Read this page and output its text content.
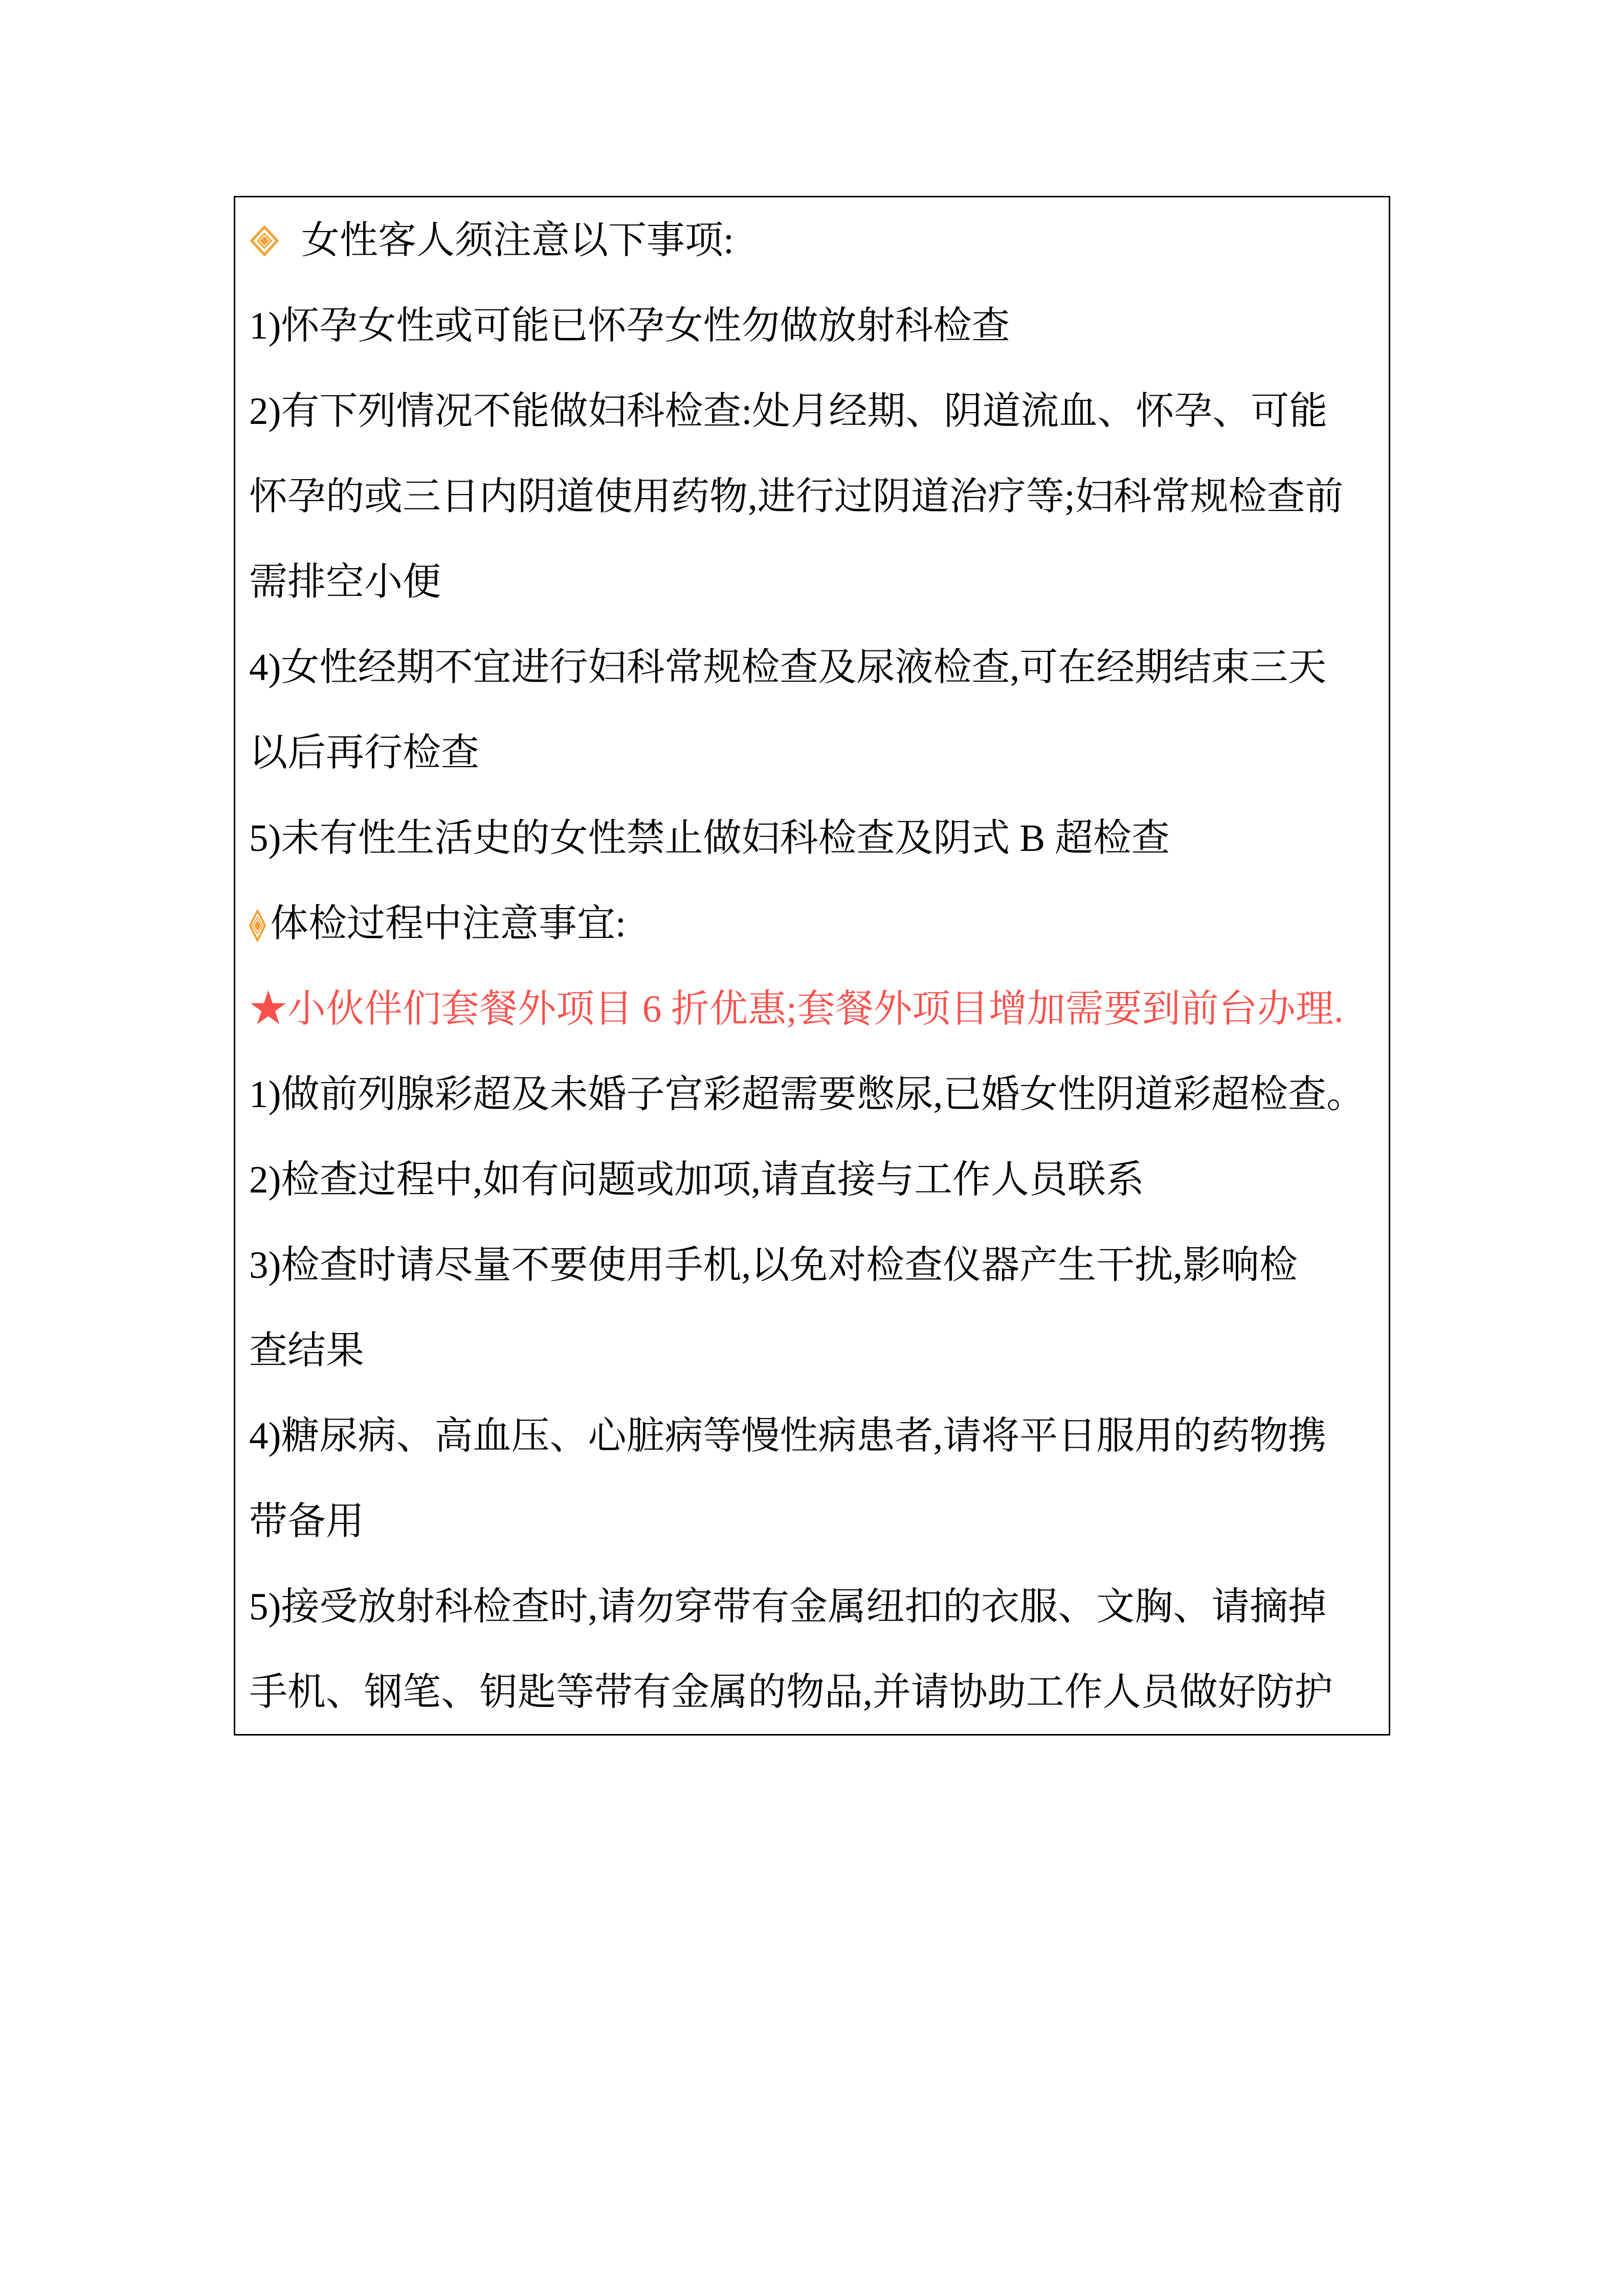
女性客人须注意以下事项:
1)怀孕女性或可能已怀孕女性勿做放射科检查
2)有下列情况不能做妇科检查:处月经期、阴道流血、怀孕、可能
怀孕的或三日内阴道使用药物,进行过阴道治疗等;妇科常规检查前
需排空小便
4)女性经期不宜进行妇科常规检查及尿液检查,可在经期结束三天
以后再行检查
5)未有性生活史的女性禁止做妇科检查及阴式 B 超检查
体检过程中注意事宜:
★小伙伴们套餐外项目 6 折优惠;套餐外项目增加需要到前台办理.
1)做前列腺彩超及未婚子宫彩超需要憋尿,已婚女性阴道彩超检查。
2)检查过程中,如有问题或加项,请直接与工作人员联系
3)检查时请尽量不要使用手机,以免对检查仪器产生干扰,影响检
查结果
4)糖尿病、高血压、心脏病等慢性病患者,请将平日服用的药物携
带备用
5)接受放射科检查时,请勿穿带有金属纽扣的衣服、文胸、请摘掉
手机、钢笔、钥匙等带有金属的物品,并请协助工作人员做好防护
